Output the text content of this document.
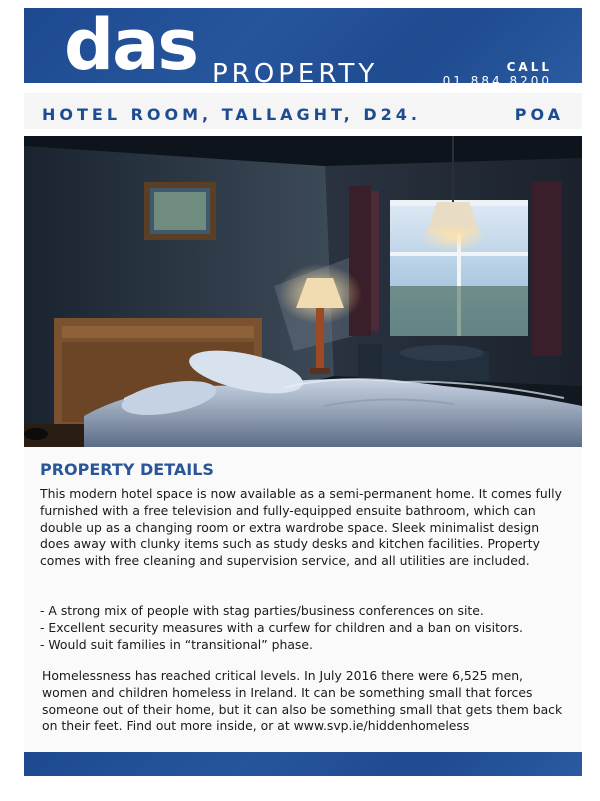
das PROPERTY	CALL
01 884 8200
HOTEL ROOM, TALLAGHT, D24.	POA
PROPERTY DETAILS

This modern hotel space is now available as a semi-permanent home. It comes fully furnished with a free television and fully-equipped ensuite bathroom, which can double up as a changing room or extra wardrobe space. Sleek minimalist design does away with clunky items such as study desks and kitchen facilities. Property comes with free cleaning and supervision service, and all utilities are included.

- A strong mix of people with stag parties/business conferences on site.
- Excellent security measures with a curfew for children and a ban on visitors.
- Would suit families in “transitional” phase.

Homelessness has reached critical levels. In July 2016 there were 6,525 men, women and children homeless in Ireland. It can be something small that forces someone out of their home, but it can also be something small that gets them back on their feet. Find out more inside, or at www.svp.ie/hiddenhomeless
